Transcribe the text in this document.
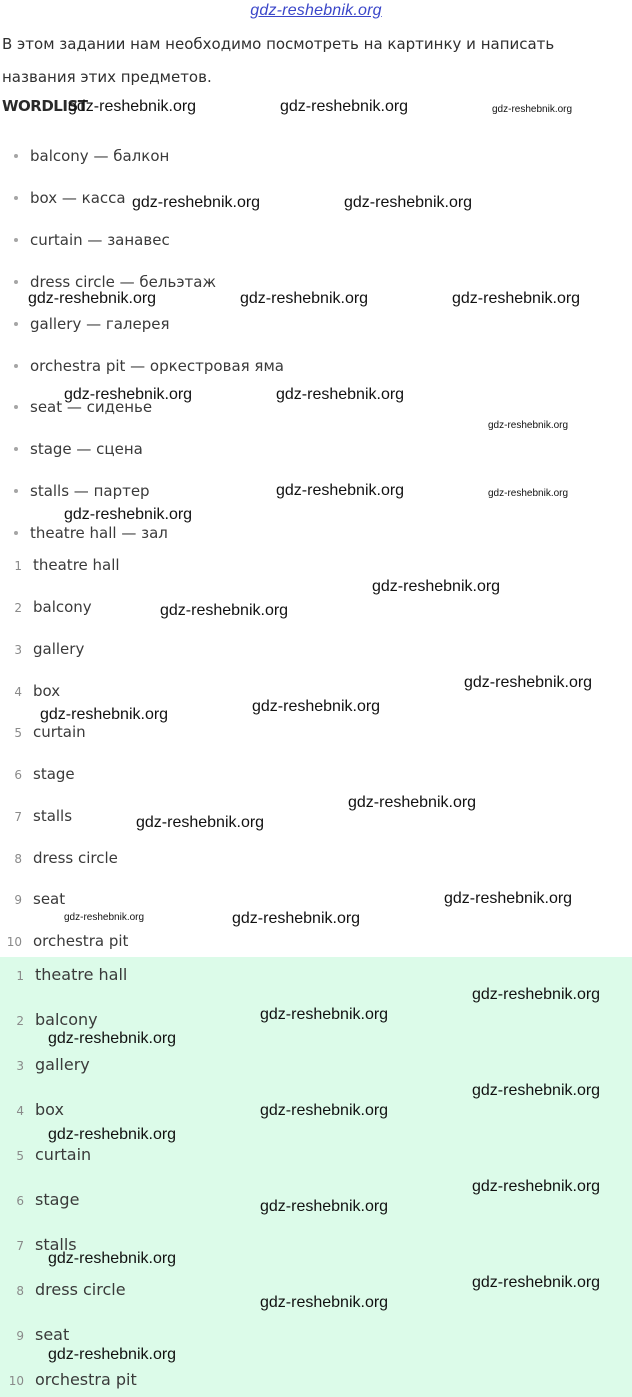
gdz-reshebnik.org
В этом задании нам необходимо посмотреть на картинку и написать названия этих предметов.
WORDLIST
balcony — балкон
box — касса
curtain — занавес
dress circle — бельэтаж
gallery — галерея
orchestra pit — оркестровая яма
seat — сиденье
stage — сцена
stalls — партер
theatre hall — зал
1 theatre hall
2 balcony
3 gallery
4 box
5 curtain
6 stage
7 stalls
8 dress circle
9 seat
10 orchestra pit
1 theatre hall
2 balcony
3 gallery
4 box
5 curtain
6 stage
7 stalls
8 dress circle
9 seat
10 orchestra pit
gdz-reshebnik.org	gdz-reshebnik.org	gdz-reshebnik.org
gdz-reshebnik.org	gdz-reshebnik.org
gdz-reshebnik.org	gdz-reshebnik.org	gdz-reshebnik.org
gdz-reshebnik.org	gdz-reshebnik.org
gdz-reshebnik.org
gdz-reshebnik.org	gdz-reshebnik.org
gdz-reshebnik.org
gdz-reshebnik.org
gdz-reshebnik.org
gdz-reshebnik.org
gdz-reshebnik.org
gdz-reshebnik.org
gdz-reshebnik.org
gdz-reshebnik.org
gdz-reshebnik.org
gdz-reshebnik.org	gdz-reshebnik.org
gdz-reshebnik.org
gdz-reshebnik.org
gdz-reshebnik.org
gdz-reshebnik.org
gdz-reshebnik.org
gdz-reshebnik.org
gdz-reshebnik.org
gdz-reshebnik.org
gdz-reshebnik.org
gdz-reshebnik.org
gdz-reshebnik.org
gdz-reshebnik.org
